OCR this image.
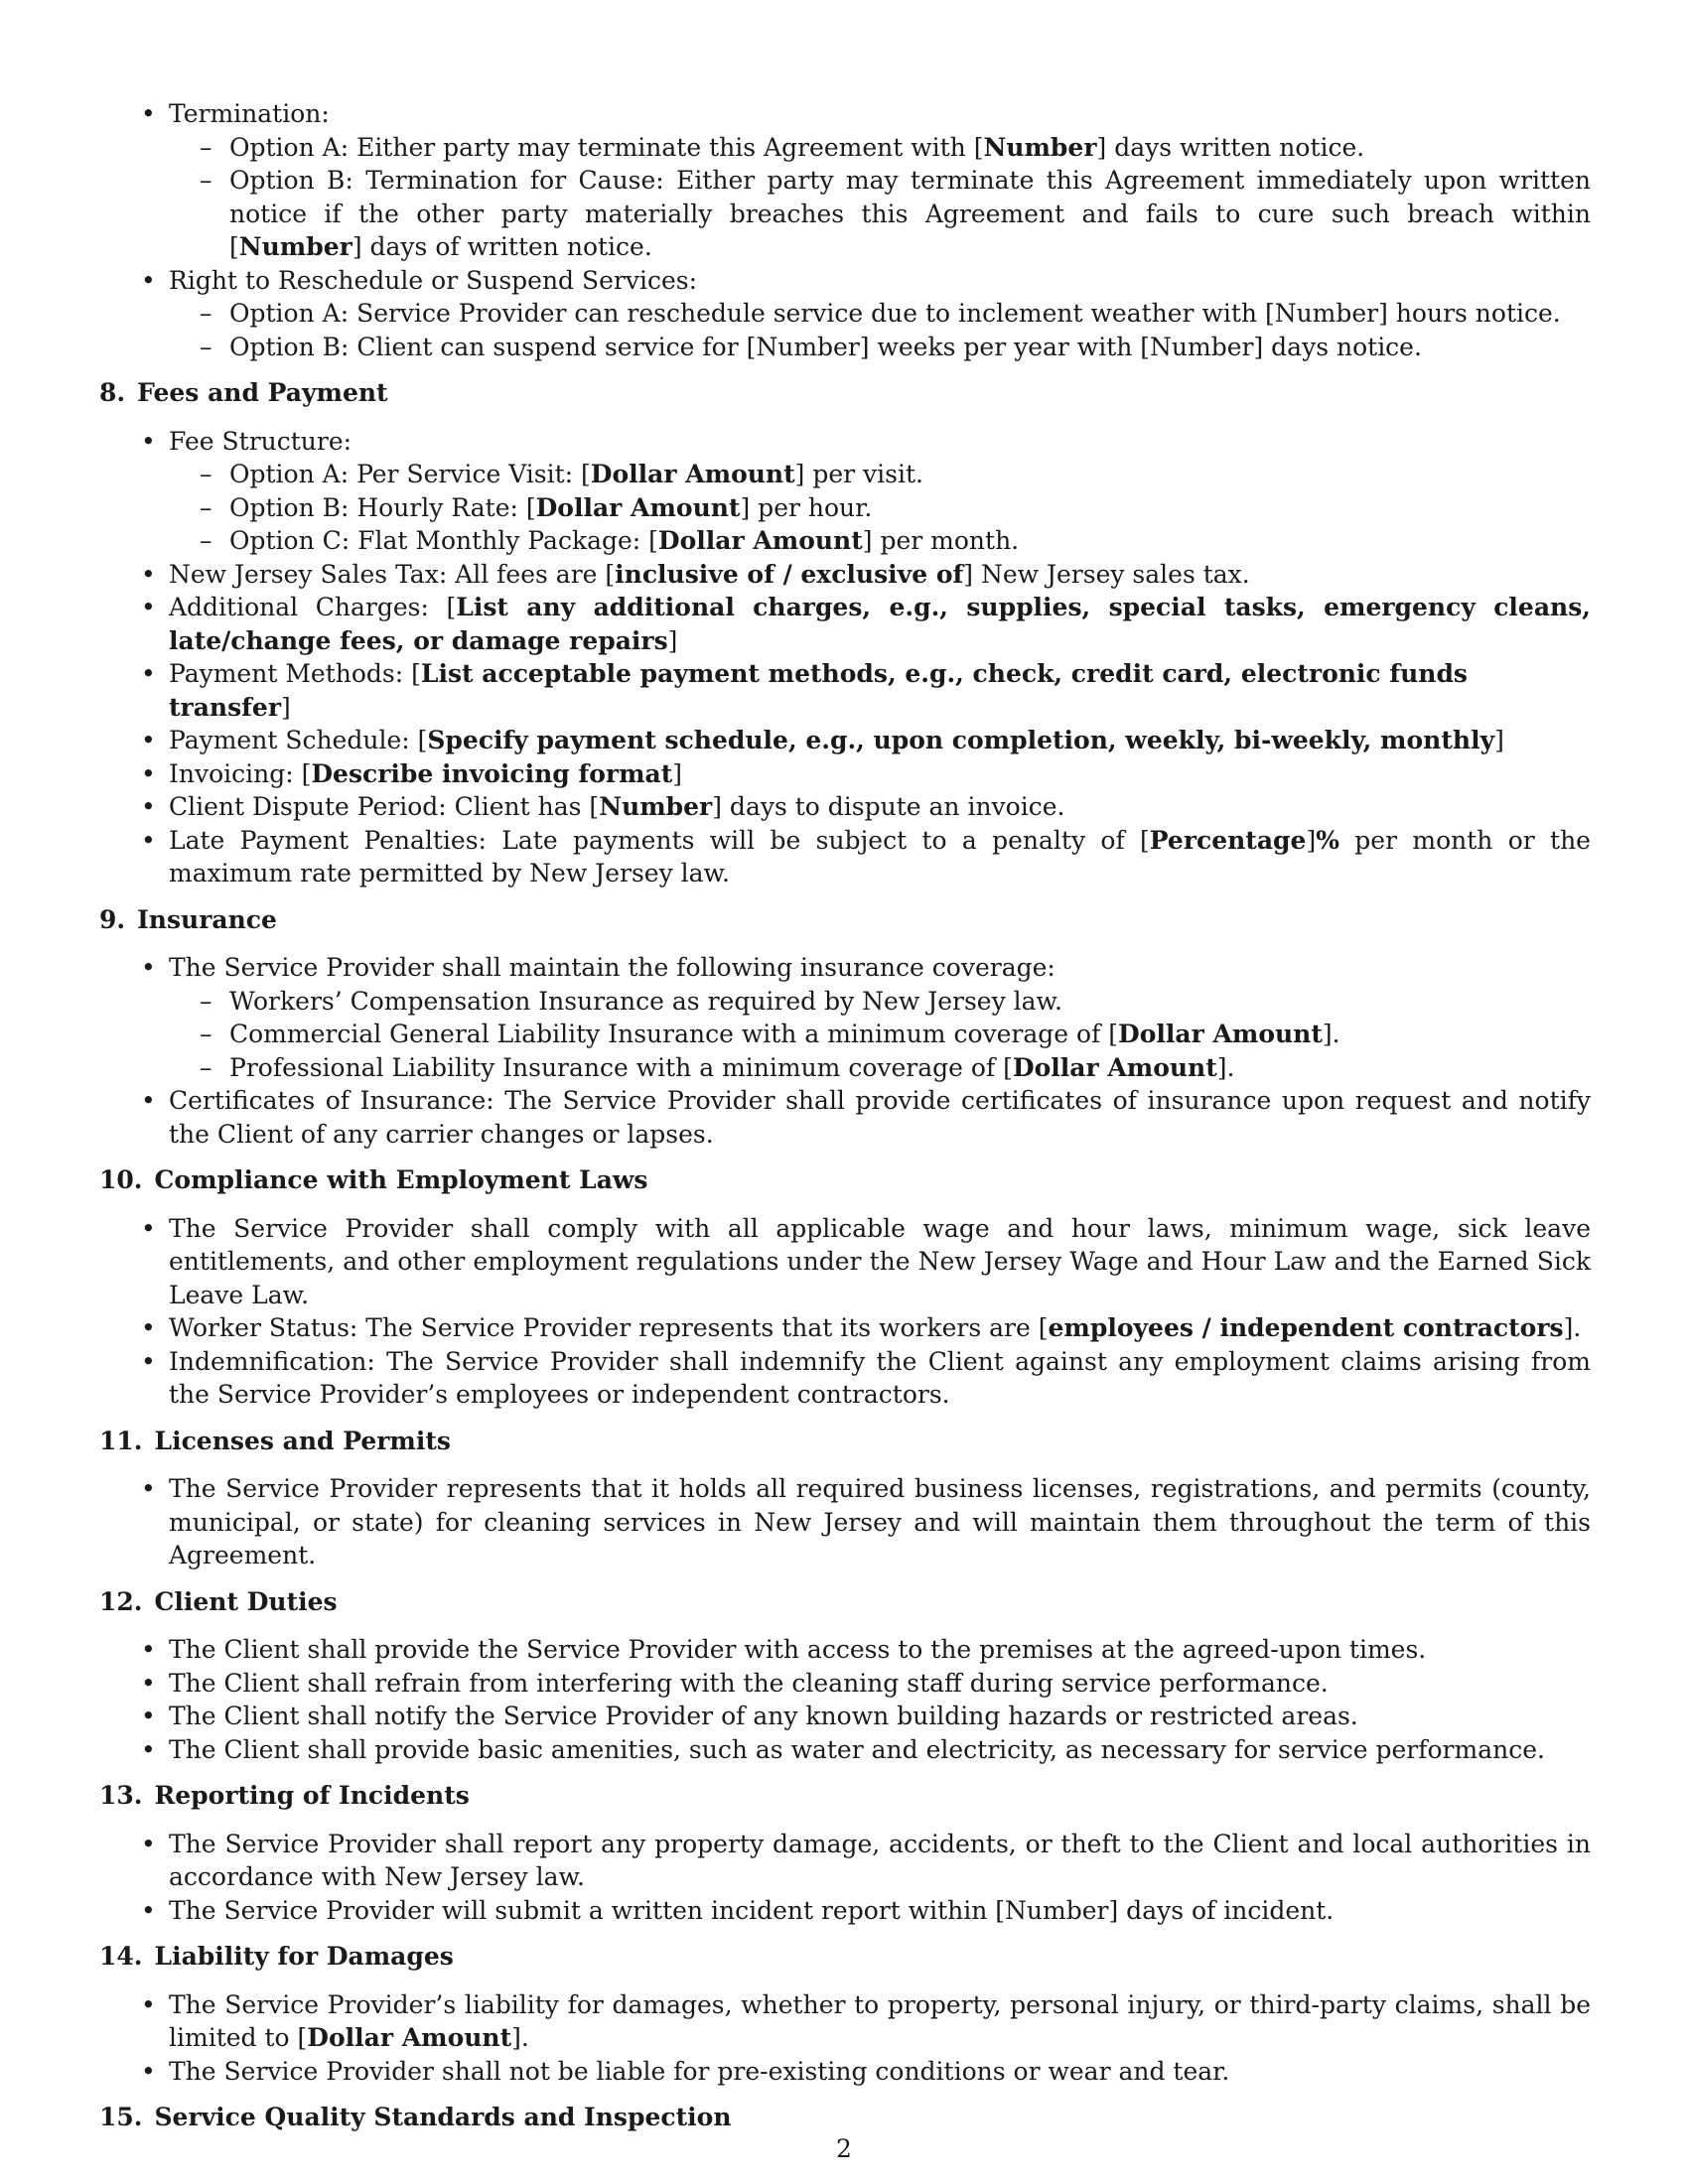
• Termination:
– Option A: Either party may terminate this Agreement with [Number] days written notice.
– Option B: Termination for Cause: Either party may terminate this Agreement immediately upon written notice if the other party materially breaches this Agreement and fails to cure such breach within [Number] days of written notice.
• Right to Reschedule or Suspend Services:
– Option A: Service Provider can reschedule service due to inclement weather with [Number] hours notice.
– Option B: Client can suspend service for [Number] weeks per year with [Number] days notice.
8. Fees and Payment
• Fee Structure:
– Option A: Per Service Visit: [Dollar Amount] per visit.
– Option B: Hourly Rate: [Dollar Amount] per hour.
– Option C: Flat Monthly Package: [Dollar Amount] per month.
• New Jersey Sales Tax: All fees are [inclusive of / exclusive of] New Jersey sales tax.
• Additional Charges: [List any additional charges, e.g., supplies, special tasks, emergency cleans, late/change fees, or damage repairs]
• Payment Methods: [List acceptable payment methods, e.g., check, credit card, electronic funds transfer]
• Payment Schedule: [Specify payment schedule, e.g., upon completion, weekly, bi-weekly, monthly]
• Invoicing: [Describe invoicing format]
• Client Dispute Period: Client has [Number] days to dispute an invoice.
• Late Payment Penalties: Late payments will be subject to a penalty of [Percentage]% per month or the maximum rate permitted by New Jersey law.
9. Insurance
• The Service Provider shall maintain the following insurance coverage:
– Workers’ Compensation Insurance as required by New Jersey law.
– Commercial General Liability Insurance with a minimum coverage of [Dollar Amount].
– Professional Liability Insurance with a minimum coverage of [Dollar Amount].
• Certificates of Insurance: The Service Provider shall provide certificates of insurance upon request and notify the Client of any carrier changes or lapses.
10. Compliance with Employment Laws
• The Service Provider shall comply with all applicable wage and hour laws, minimum wage, sick leave entitlements, and other employment regulations under the New Jersey Wage and Hour Law and the Earned Sick Leave Law.
• Worker Status: The Service Provider represents that its workers are [employees / independent contractors].
• Indemnification: The Service Provider shall indemnify the Client against any employment claims arising from the Service Provider’s employees or independent contractors.
11. Licenses and Permits
• The Service Provider represents that it holds all required business licenses, registrations, and permits (county, municipal, or state) for cleaning services in New Jersey and will maintain them throughout the term of this Agreement.
12. Client Duties
• The Client shall provide the Service Provider with access to the premises at the agreed-upon times.
• The Client shall refrain from interfering with the cleaning staff during service performance.
• The Client shall notify the Service Provider of any known building hazards or restricted areas.
• The Client shall provide basic amenities, such as water and electricity, as necessary for service performance.
13. Reporting of Incidents
• The Service Provider shall report any property damage, accidents, or theft to the Client and local authorities in accordance with New Jersey law.
• The Service Provider will submit a written incident report within [Number] days of incident.
14. Liability for Damages
• The Service Provider’s liability for damages, whether to property, personal injury, or third-party claims, shall be limited to [Dollar Amount].
• The Service Provider shall not be liable for pre-existing conditions or wear and tear.
15. Service Quality Standards and Inspection
2
